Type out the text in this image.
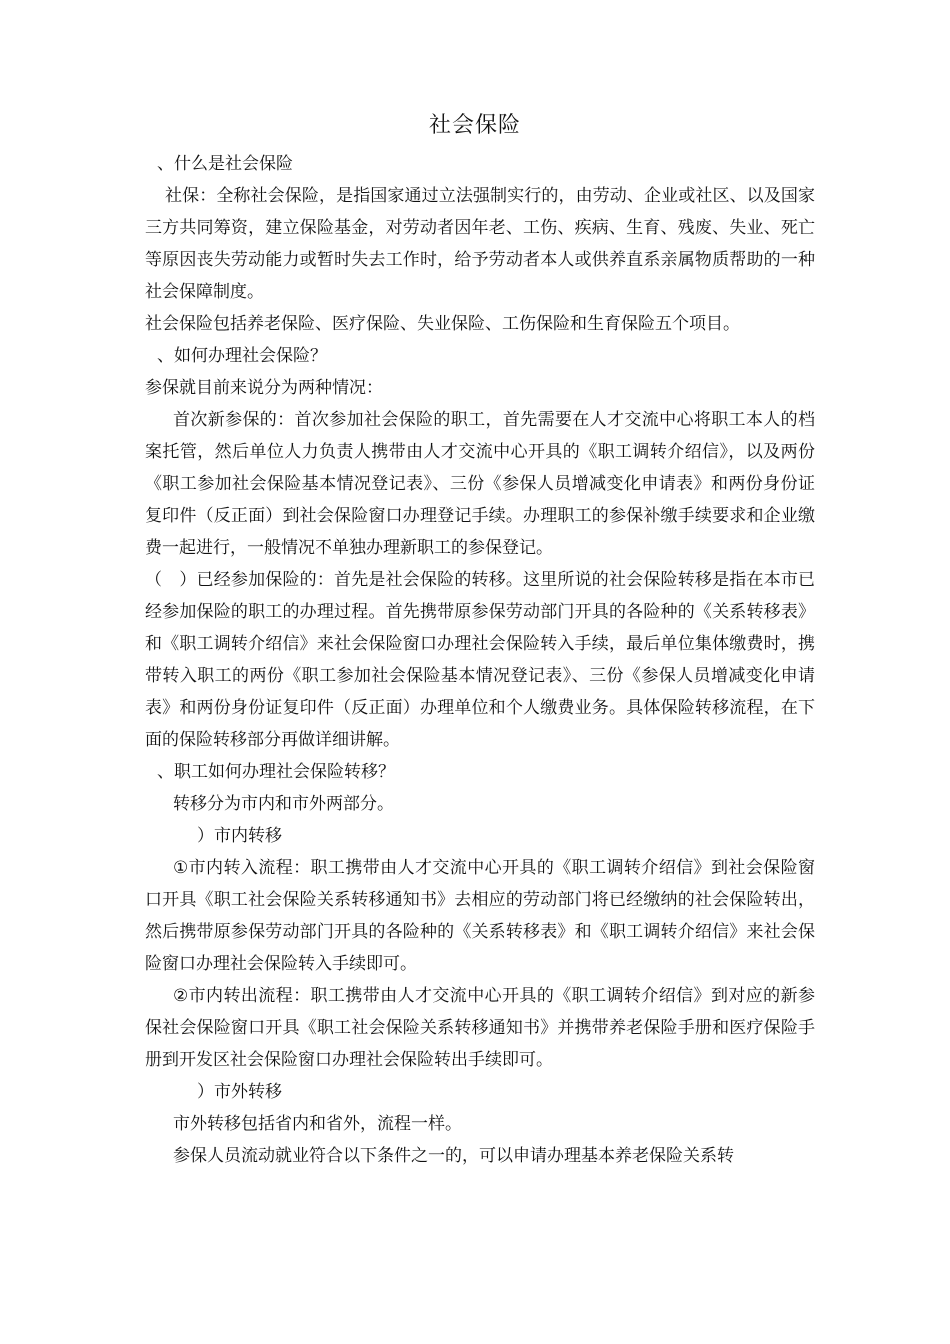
社会保险

、什么是社会保险

社保：全称社会保险，是指国家通过立法强制实行的，由劳动、企业或社区、以及国家三方共同筹资，建立保险基金，对劳动者因年老、工伤、疾病、生育、残废、失业、死亡等原因丧失劳动能力或暂时失去工作时，给予劳动者本人或供养直系亲属物质帮助的一种社会保障制度。

社会保险包括养老保险、医疗保险、失业保险、工伤保险和生育保险五个项目。

、如何办理社会保险？

参保就目前来说分为两种情况：

首次新参保的：首次参加社会保险的职工，首先需要在人才交流中心将职工本人的档案托管，然后单位人力负责人携带由人才交流中心开具的《职工调转介绍信》，以及两份《职工参加社会保险基本情况登记表》、三份《参保人员增减变化申请表》和两份身份证复印件（反正面）到社会保险窗口办理登记手续。办理职工的参保补缴手续要求和企业缴费一起进行，一般情况不单独办理新职工的参保登记。

（　）已经参加保险的：首先是社会保险的转移。这里所说的社会保险转移是指在本市已经参加保险的职工的办理过程。首先携带原参保劳动部门开具的各险种的《关系转移表》和《职工调转介绍信》来社会保险窗口办理社会保险转入手续，最后单位集体缴费时，携带转入职工的两份《职工参加社会保险基本情况登记表》、三份《参保人员增减变化申请表》和两份身份证复印件（反正面）办理单位和个人缴费业务。具体保险转移流程，在下面的保险转移部分再做详细讲解。

、职工如何办理社会保险转移？

转移分为市内和市外两部分。

）市内转移

①市内转入流程：职工携带由人才交流中心开具的《职工调转介绍信》到社会保险窗口开具《职工社会保险关系转移通知书》去相应的劳动部门将已经缴纳的社会保险转出，然后携带原参保劳动部门开具的各险种的《关系转移表》和《职工调转介绍信》来社会保险窗口办理社会保险转入手续即可。

②市内转出流程：职工携带由人才交流中心开具的《职工调转介绍信》到对应的新参保社会保险窗口开具《职工社会保险关系转移通知书》并携带养老保险手册和医疗保险手册到开发区社会保险窗口办理社会保险转出手续即可。

）市外转移

市外转移包括省内和省外，流程一样。

参保人员流动就业符合以下条件之一的，可以申请办理基本养老保险关系转
